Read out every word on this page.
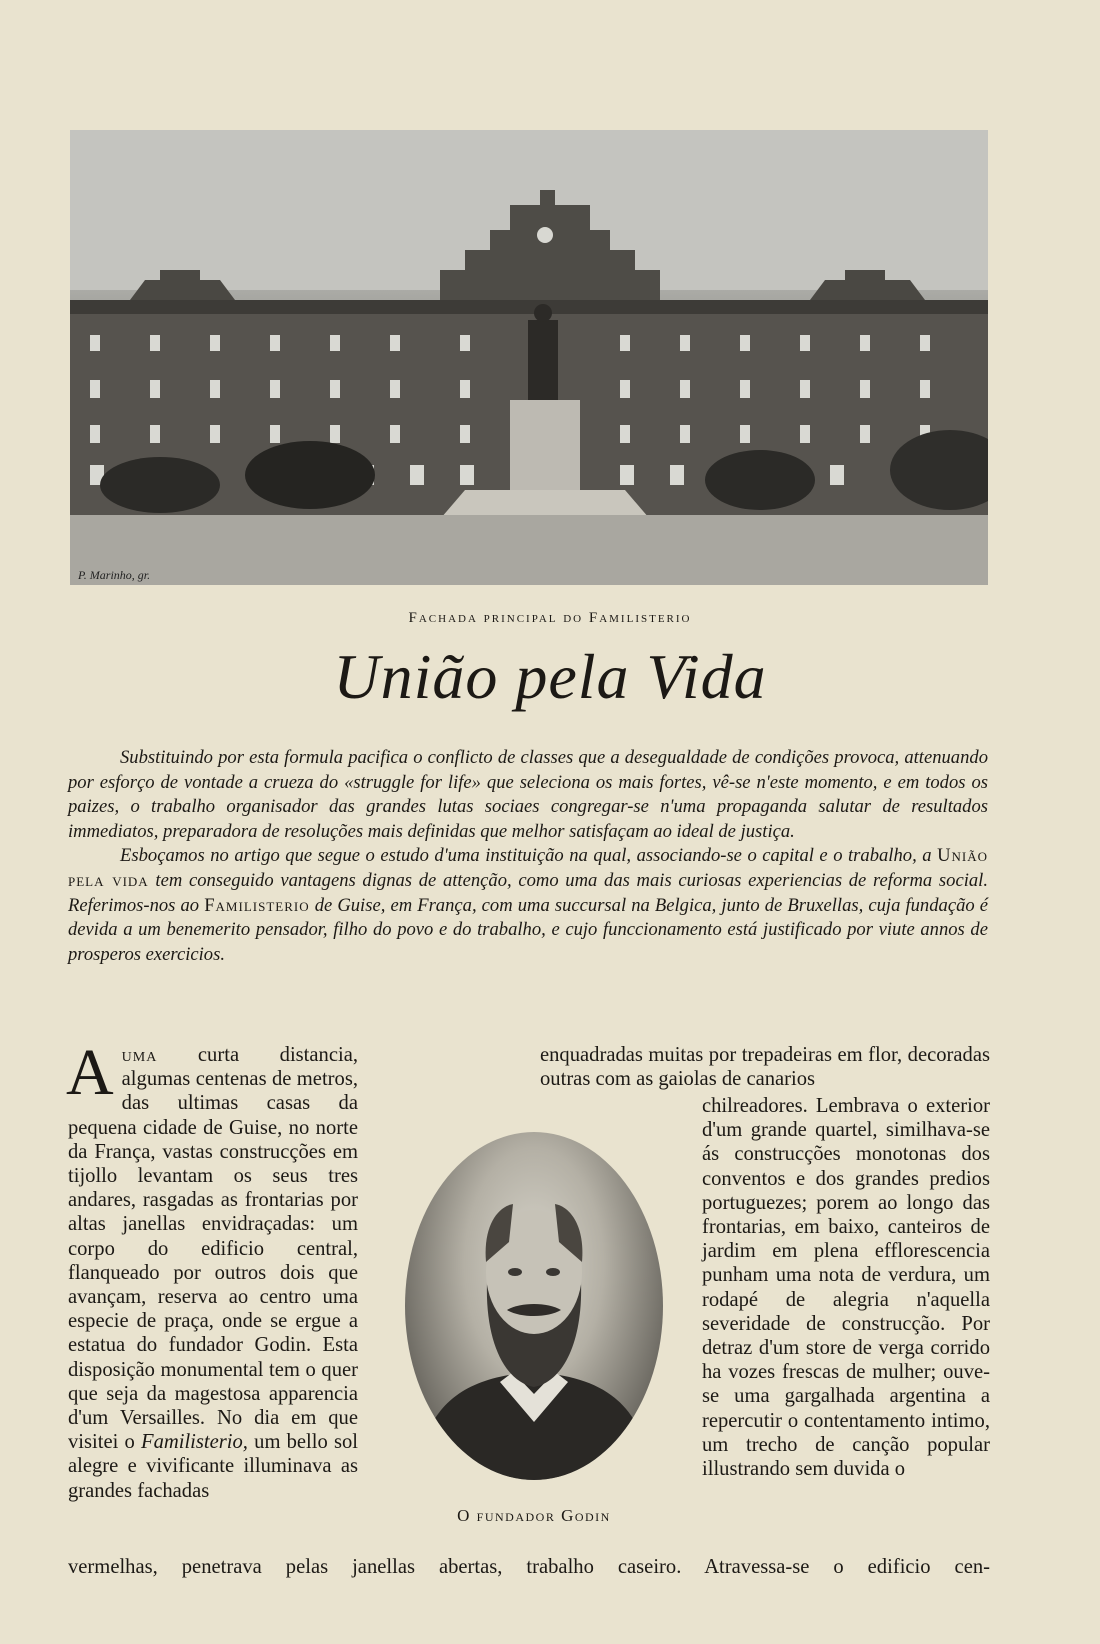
P. Marinho, gr.
Fachada principal do Familisterio
União pela Vida

Substituindo por esta formula pacifica o conflicto de classes que a desegualdade de condições provoca, attenuando por esforço de vontade a crueza do «struggle for life» que seleciona os mais fortes, vê-se n'este momento, e em todos os paizes, o trabalho organisador das grandes lutas sociaes congregar-se n'uma propaganda salutar de resultados immediatos, preparadora de resoluções mais definidas que melhor satisfaçam ao ideal de justiça.

Esboçamos no artigo que segue o estudo d'uma instituição na qual, associando-se o capital e o trabalho, a União pela vida tem conseguido vantagens dignas de attenção, como uma das mais curiosas experiencias de reforma social. Referimos-nos ao Familisterio de Guise, em França, com uma succursal na Belgica, junto de Bruxellas, cuja fundação é devida a um benemerito pensador, filho do povo e do trabalho, e cujo funccionamento está justificado por viute annos de prosperos exercicios.

Auma curta distancia, algumas centenas de metros, das ultimas casas da pequena cidade de Guise, no norte da França, vastas construcções em tijollo levantam os seus tres andares, rasgadas as frontarias por altas janellas envidraçadas: um corpo do edificio central, flanqueado por outros dois que avançam, reserva ao centro uma especie de praça, onde se ergue a estatua do fundador Godin. Esta disposição monumental tem o quer que seja da magestosa apparencia d'um Versailles. No dia em que visitei o Familisterio, um bello sol alegre e vivificante illuminava as grandes fachadas
enquadradas muitas por trepadeiras em flor, decoradas outras com as gaiolas de canarios
chilreadores. Lembrava o exterior d'um grande quartel, similhava-se ás construcções monotonas dos conventos e dos grandes predios portuguezes; porem ao longo das frontarias, em baixo, canteiros de jardim em plena efflorescencia punham uma nota de verdura, um rodapé de alegria n'aquella severidade de construcção. Por detraz d'um store de verga corrido ha vozes frescas de mulher; ouve-se uma gargalhada argentina a repercutir o contentamento intimo, um trecho de canção popular illustrando sem duvida o
O fundador Godin
vermelhas, penetrava pelas janellas abertas, trabalho caseiro. Atravessa-se o edificio cen-
